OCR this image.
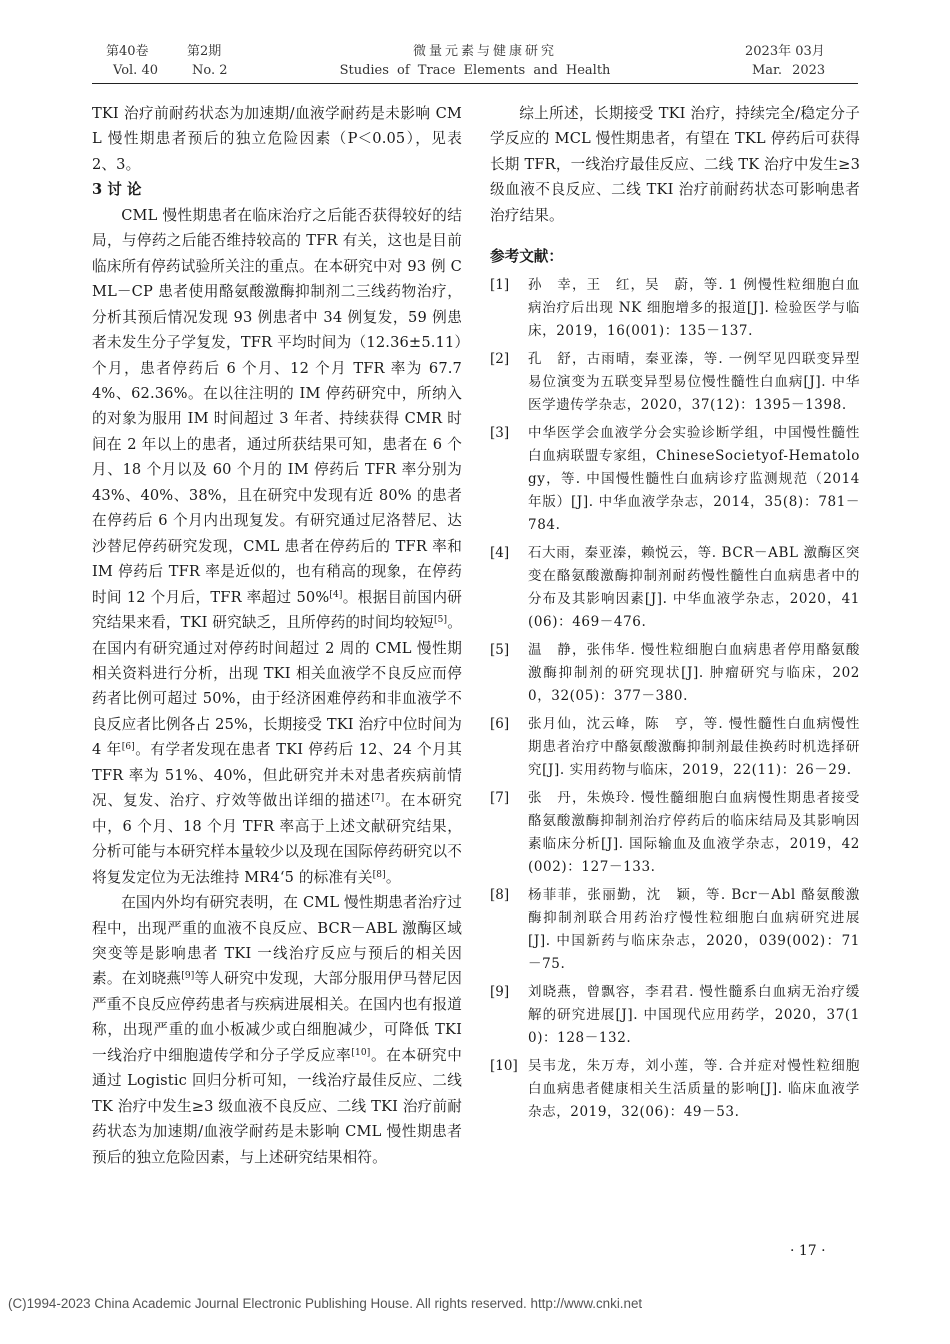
第40卷	第2期
Vol. 40	No. 2
微量元素与健康研究
Studies of Trace Elements and Health
2023年 03月
Mar. 2023

TKI 治疗前耐药状态为加速期/血液学耐药是未影响 CML 慢性期患者预后的独立危险因素（P＜0.05），见表 2、3。

3 讨 论

CML 慢性期患者在临床治疗之后能否获得较好的结局，与停药之后能否维持较高的 TFR 有关，这也是目前临床所有停药试验所关注的重点。在本研究中对 93 例 CML－CP 患者使用酪氨酸激酶抑制剂二三线药物治疗，分析其预后情况发现 93 例患者中 34 例复发，59 例患者未发生分子学复发，TFR 平均时间为（12.36±5.11）个月，患者停药后 6 个月、12 个月 TFR 率为 67.74%、62.36%。在以往注明的 IM 停药研究中，所纳入的对象为服用 IM 时间超过 3 年者、持续获得 CMR 时间在 2 年以上的患者，通过所获结果可知，患者在 6 个月、18 个月以及 60 个月的 IM 停药后 TFR 率分别为 43%、40%、38%，且在研究中发现有近 80% 的患者在停药后 6 个月内出现复发。有研究通过尼洛替尼、达沙替尼停药研究发现，CML 患者在停药后的 TFR 率和 IM 停药后 TFR 率是近似的，也有稍高的现象，在停药时间 12 个月后，TFR 率超过 50%[4]。根据目前国内研究结果来看，TKI 研究缺乏，且所停药的时间均较短[5]。在国内有研究通过对停药时间超过 2 周的 CML 慢性期相关资料进行分析，出现 TKI 相关血液学不良反应而停药者比例可超过 50%，由于经济困难停药和非血液学不良反应者比例各占 25%，长期接受 TKI 治疗中位时间为 4 年[6]。有学者发现在患者 TKI 停药后 12、24 个月其 TFR 率为 51%、40%，但此研究并未对患者疾病前情况、复发、治疗、疗效等做出详细的描述[7]。在本研究中，6 个月、18 个月 TFR 率高于上述文献研究结果，分析可能与本研究样本量较少以及现在国际停药研究以不将复发定位为无法维持 MR4‘5 的标准有关[8]。

在国内外均有研究表明，在 CML 慢性期患者治疗过程中，出现严重的血液不良反应、BCR－ABL 激酶区域突变等是影响患者 TKI 一线治疗反应与预后的相关因素。在刘晓燕[9]等人研究中发现，大部分服用伊马替尼因严重不良反应停药患者与疾病进展相关。在国内也有报道称，出现严重的血小板减少或白细胞减少，可降低 TKI 一线治疗中细胞遗传学和分子学反应率[10]。在本研究中通过 Logistic 回归分析可知，一线治疗最佳反应、二线 TK 治疗中发生≥3 级血液不良反应、二线 TKI 治疗前耐药状态为加速期/血液学耐药是未影响 CML 慢性期患者预后的独立危险因素，与上述研究结果相符。

综上所述，长期接受 TKI 治疗，持续完全/稳定分子学反应的 MCL 慢性期患者，有望在 TKL 停药后可获得长期 TFR，一线治疗最佳反应、二线 TK 治疗中发生≥3 级血液不良反应、二线 TKI 治疗前耐药状态可影响患者治疗结果。

参考文献：
[1]	孙　幸，王　红，吴　蔚，等. 1 例慢性粒细胞白血病治疗后出现 NK 细胞增多的报道[J]. 检验医学与临床，2019，16(001)：135－137.
[2]	孔　舒，古雨晴，秦亚溱，等. 一例罕见四联变异型易位演变为五联变异型易位慢性髓性白血病[J]. 中华医学遗传学杂志，2020，37(12)：1395－1398.
[3]	中华医学会血液学分会实验诊断学组，中国慢性髓性白血病联盟专家组，ChineseSocietyof-Hematology，等. 中国慢性髓性白血病诊疗监测规范（2014 年版）[J]. 中华血液学杂志，2014，35(8)：781－784.
[4]	石大雨，秦亚溱，赖悦云，等. BCR－ABL 激酶区突变在酪氨酸激酶抑制剂耐药慢性髓性白血病患者中的分布及其影响因素[J]. 中华血液学杂志，2020，41(06)：469－476.
[5]	温　静，张伟华. 慢性粒细胞白血病患者停用酪氨酸激酶抑制剂的研究现状[J]. 肿瘤研究与临床，2020，32(05)：377－380.
[6]	张月仙，沈云峰，陈　亨，等. 慢性髓性白血病慢性期患者治疗中酪氨酸激酶抑制剂最佳换药时机选择研究[J]. 实用药物与临床，2019，22(11)：26－29.
[7]	张　丹，朱焕玲. 慢性髓细胞白血病慢性期患者接受酪氨酸激酶抑制剂治疗停药后的临床结局及其影响因素临床分析[J]. 国际输血及血液学杂志，2019，42(002)：127－133.
[8]	杨菲菲，张丽勤，沈　颖，等. Bcr－Abl 酪氨酸激酶抑制剂联合用药治疗慢性粒细胞白血病研究进展[J]. 中国新药与临床杂志，2020，039(002)：71－75.
[9]	刘晓燕，曾飘容，李君君. 慢性髓系白血病无治疗缓解的研究进展[J]. 中国现代应用药学，2020，37(10)：128－132.
[10] 吴韦龙，朱万寿，刘小莲，等. 合并症对慢性粒细胞白血病患者健康相关生活质量的影响[J]. 临床血液学杂志，2019，32(06)：49－53.
· 17 ·
(C)1994-2023 China Academic Journal Electronic Publishing House. All rights reserved. http://www.cnki.net
